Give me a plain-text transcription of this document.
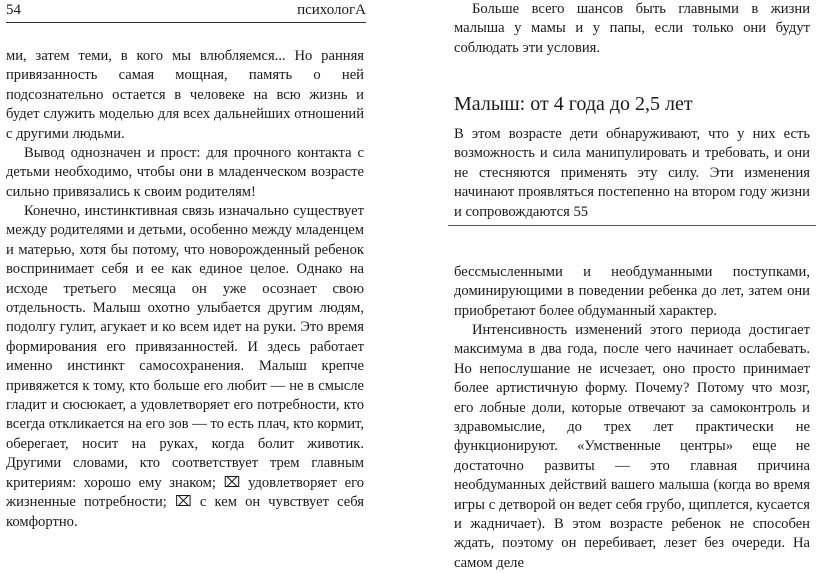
54	психологА

ми, затем теми, в кого мы влюбляемся... Но ранняя привязанность самая мощная, память о ней подсознательно остается в человеке на всю жизнь и будет служить моделью для всех дальнейших отношений с другими людьми.

Вывод однозначен и прост: для прочного контакта с детьми необходимо, чтобы они в младенческом возрасте сильно привязались к своим родителям!

Конечно, инстинктивная связь изначально существует между родителями и детьми, особенно между младенцем и матерью, хотя бы потому, что новорожденный ребенок воспринимает себя и ее как единое целое. Однако на исходе третьего месяца он уже осознает свою отдельность. Малыш охотно улыбается другим людям, подолгу гулит, агукает и ко всем идет на руки. Это время формирования его привязанностей. И здесь работает именно инстинкт самосохранения. Малыш крепче привяжется к тому, кто больше его любит — не в смысле гладит и сюсюкает, а удовлетворяет его потребности, кто всегда откликается на его зов — то есть плач, кто кормит, оберегает, носит на руках, когда болит животик. Другими словами, кто соответствует трем главным критериям: хорошо ему знаком; ⌧ удовлетворяет его жизненные потребности; ⌧ с кем он чувствует себя комфортно.

Больше всего шансов быть главными в жизни малыша у мамы и у папы, если только они будут соблюдать эти условия.

Малыш: от 4 года до 2,5 лет

В этом возрасте дети обнаруживают, что у них есть возможность и сила манипулировать и требовать, и они не стесняются применять эту силу. Эти изменения начинают проявляться постепенно на втором году жизни и сопровождаются 55

бессмысленными и необдуманными поступками, доминирующими в поведении ребенка до лет, затем они приобретают более обдуманный характер.

Интенсивность изменений этого периода достигает максимума в два года, после чего начинает ослабевать. Но непослушание не исчезает, оно просто принимает более артистичную форму. Почему? Потому что мозг, его лобные доли, которые отвечают за самоконтроль и здравомыслие, до трех лет практически не функционируют. «Умственные центры» еще не достаточно развиты — это главная причина необдуманных действий вашего малыша (когда во время игры с детворой он ведет себя грубо, щиплется, кусается и жадничает). В этом возрасте ребенок не способен ждать, поэтому он перебивает, лезет без очереди. На самом деле
